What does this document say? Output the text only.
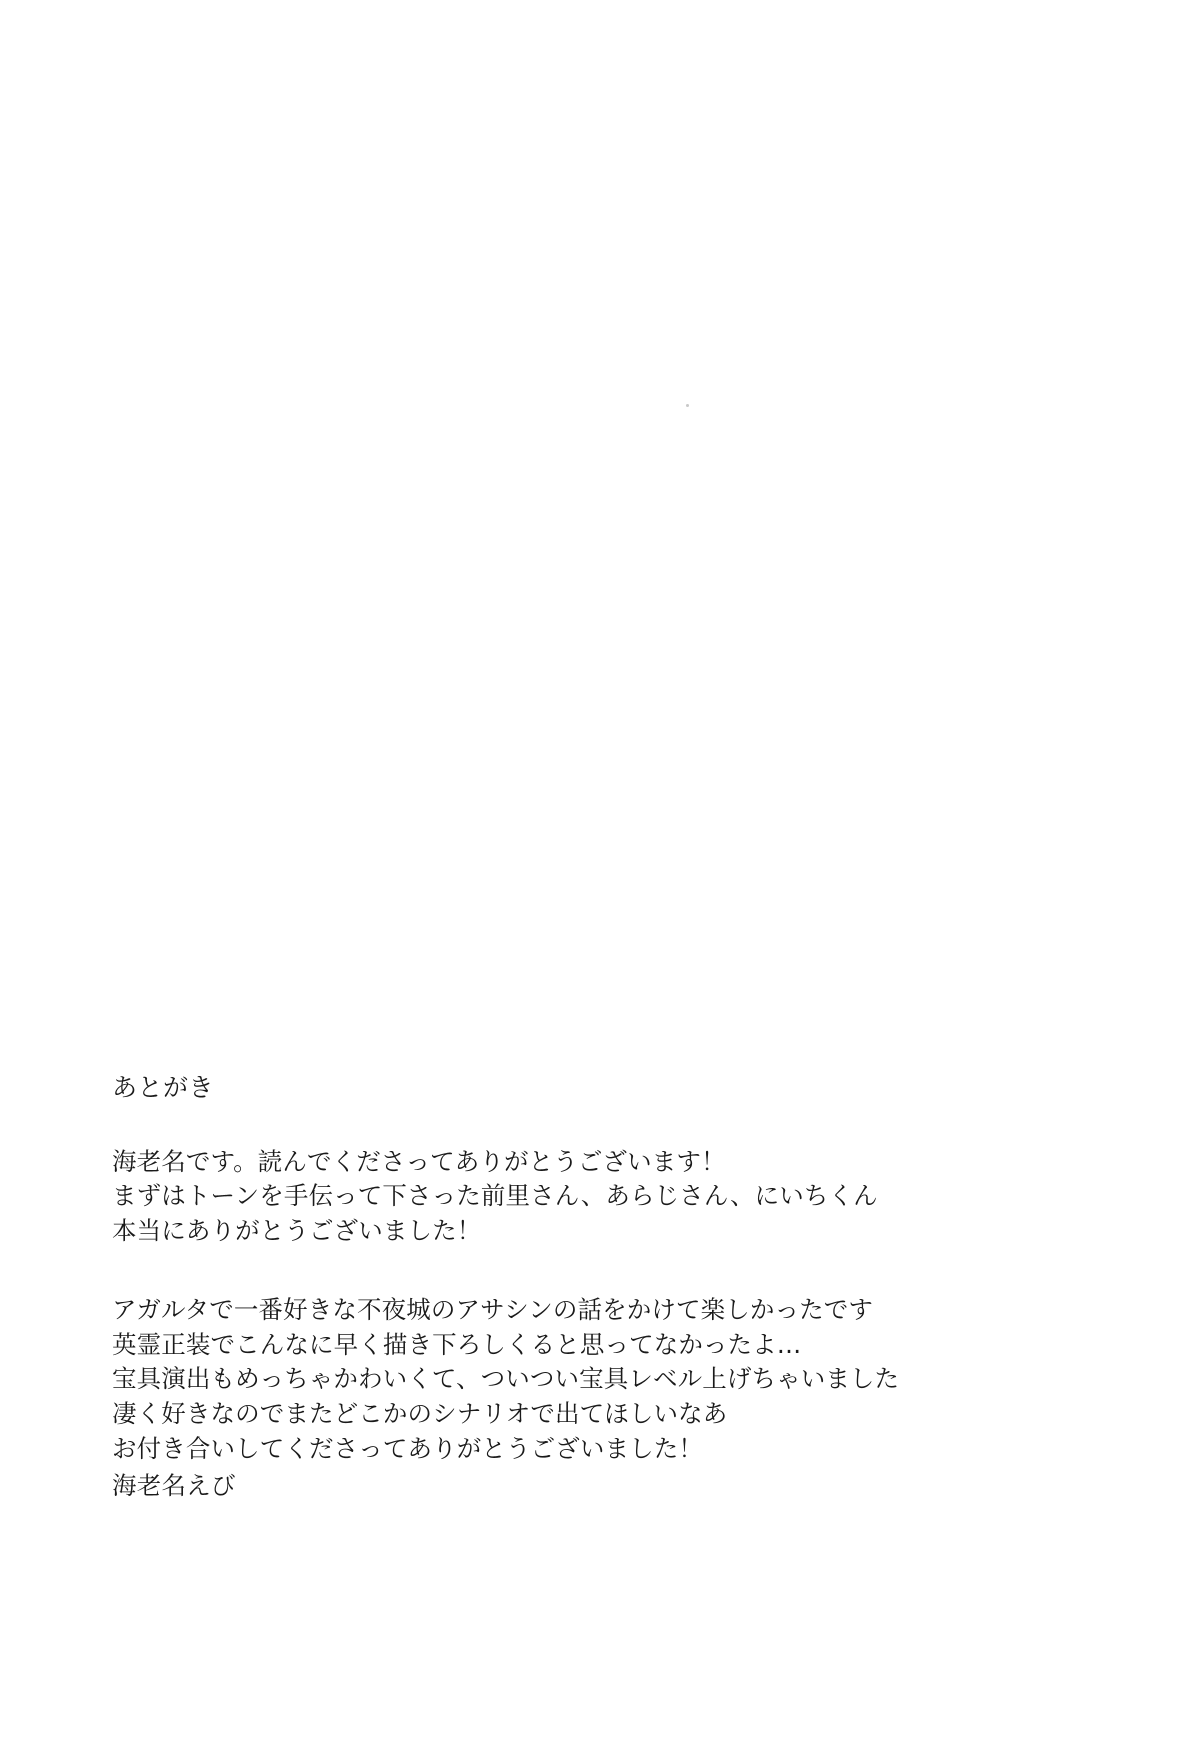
あとがき
海老名です。読んでくださってありがとうございます！
まずはトーンを手伝って下さった前里さん、あらじさん、にいちくん
本当にありがとうございました！
アガルタで一番好きな不夜城のアサシンの話をかけて楽しかったです
英霊正装でこんなに早く描き下ろしくると思ってなかったよ…
宝具演出もめっちゃかわいくて、ついつい宝具レベル上げちゃいました
凄く好きなのでまたどこかのシナリオで出てほしいなあ
お付き合いしてくださってありがとうございました！
海老名えび
